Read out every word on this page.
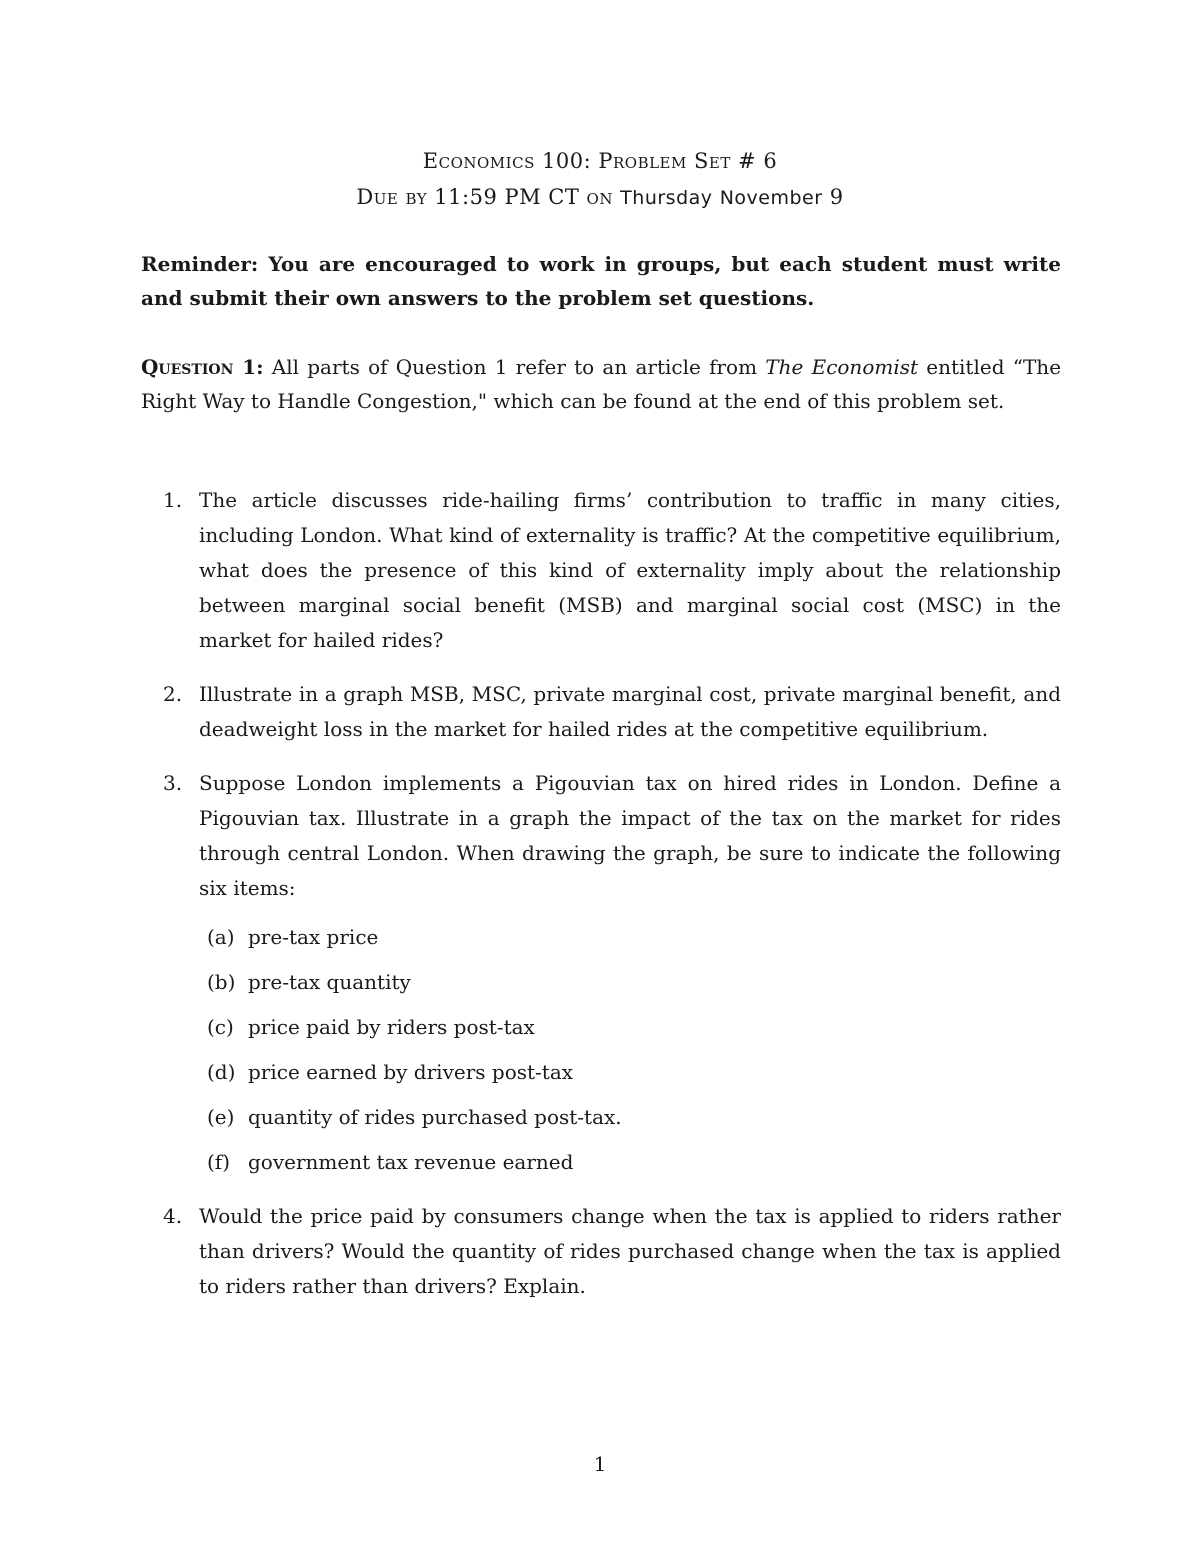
Economics 100: Problem Set # 6
Due by 11:59 PM CT on Thursday November 9
Reminder: You are encouraged to work in groups, but each student must write and submit their own answers to the problem set questions.
Question 1: All parts of Question 1 refer to an article from The Economist entitled “The Right Way to Handle Congestion," which can be found at the end of this problem set.
1. The article discusses ride-hailing firms’ contribution to traffic in many cities, including London. What kind of externality is traffic? At the competitive equilibrium, what does the presence of this kind of externality imply about the relationship between marginal social benefit (MSB) and marginal social cost (MSC) in the market for hailed rides?
2. Illustrate in a graph MSB, MSC, private marginal cost, private marginal benefit, and deadweight loss in the market for hailed rides at the competitive equilibrium.
3. Suppose London implements a Pigouvian tax on hired rides in London. Define a Pigouvian tax. Illustrate in a graph the impact of the tax on the market for rides through central London. When drawing the graph, be sure to indicate the following six items:
(a) pre-tax price
(b) pre-tax quantity
(c) price paid by riders post-tax
(d) price earned by drivers post-tax
(e) quantity of rides purchased post-tax.
(f) government tax revenue earned
4. Would the price paid by consumers change when the tax is applied to riders rather than drivers? Would the quantity of rides purchased change when the tax is applied to riders rather than drivers? Explain.
1
